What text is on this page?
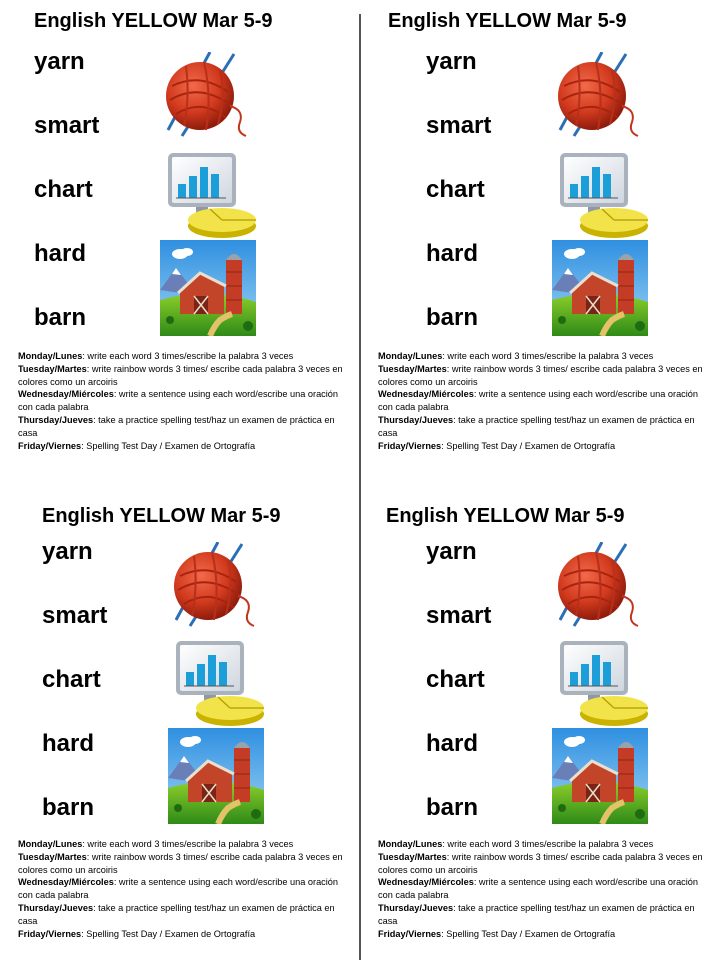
English YELLOW Mar 5-9
yarn
smart
chart
hard
barn
Monday/Lunes: write each word 3 times/escribe la palabra 3 veces
Tuesday/Martes: write rainbow words 3 times/ escribe cada palabra 3 veces en colores como un arcoiris
Wednesday/Miércoles: write a sentence using each word/escribe una oración con cada palabra
Thursday/Jueves: take a practice spelling test/haz un examen de práctica en casa
Friday/Viernes: Spelling Test Day / Examen de Ortografía
English YELLOW Mar 5-9
yarn
smart
chart
hard
barn
Monday/Lunes: write each word 3 times/escribe la palabra 3 veces
Tuesday/Martes: write rainbow words 3 times/ escribe cada palabra 3 veces en colores como un arcoiris
Wednesday/Miércoles: write a sentence using each word/escribe una oración con cada palabra
Thursday/Jueves: take a practice spelling test/haz un examen de práctica en casa
Friday/Viernes: Spelling Test Day / Examen de Ortografía
English YELLOW Mar 5-9
yarn
smart
chart
hard
barn
Monday/Lunes: write each word 3 times/escribe la palabra 3 veces
Tuesday/Martes: write rainbow words 3 times/ escribe cada palabra 3 veces en colores como un arcoiris
Wednesday/Miércoles: write a sentence using each word/escribe una oración con cada palabra
Thursday/Jueves: take a practice spelling test/haz un examen de práctica en casa
Friday/Viernes: Spelling Test Day / Examen de Ortografía
English YELLOW Mar 5-9
yarn
smart
chart
hard
barn
Monday/Lunes: write each word 3 times/escribe la palabra 3 veces
Tuesday/Martes: write rainbow words 3 times/ escribe cada palabra 3 veces en colores como un arcoiris
Wednesday/Miércoles: write a sentence using each word/escribe una oración con cada palabra
Thursday/Jueves: take a practice spelling test/haz un examen de práctica en casa
Friday/Viernes: Spelling Test Day / Examen de Ortografía
